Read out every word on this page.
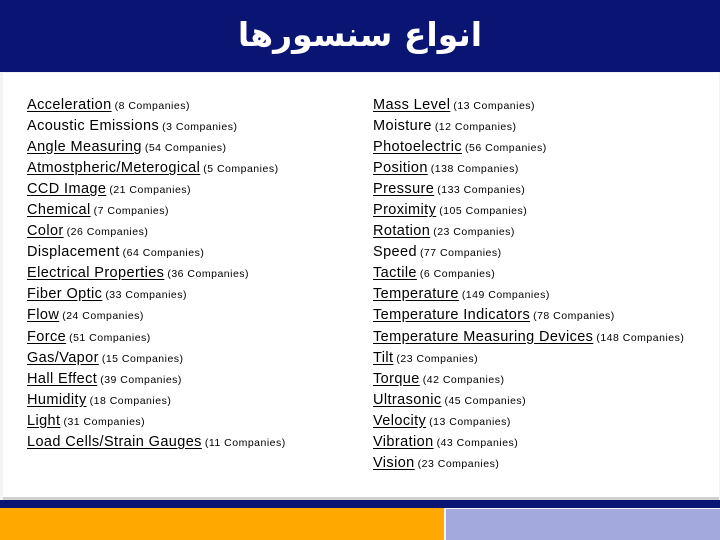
انواع سنسورها
Acceleration (8 Companies)
Acoustic Emissions (3 Companies)
Angle Measuring (54 Companies)
Atmostpheric/Meterogical (5 Companies)
CCD Image (21 Companies)
Chemical (7 Companies)
Color (26 Companies)
Displacement (64 Companies)
Electrical Properties (36 Companies)
Fiber Optic (33 Companies)
Flow (24 Companies)
Force (51 Companies)
Gas/Vapor (15 Companies)
Hall Effect (39 Companies)
Humidity (18 Companies)
Light (31 Companies)
Load Cells/Strain Gauges (11 Companies)
Mass Level (13 Companies)
Moisture (12 Companies)
Photoelectric (56 Companies)
Position (138 Companies)
Pressure (133 Companies)
Proximity (105 Companies)
Rotation (23 Companies)
Speed (77 Companies)
Tactile (6 Companies)
Temperature (149 Companies)
Temperature Indicators (78 Companies)
Temperature Measuring Devices (148 Companies)
Tilt (23 Companies)
Torque (42 Companies)
Ultrasonic (45 Companies)
Velocity (13 Companies)
Vibration (43 Companies)
Vision (23 Companies)
